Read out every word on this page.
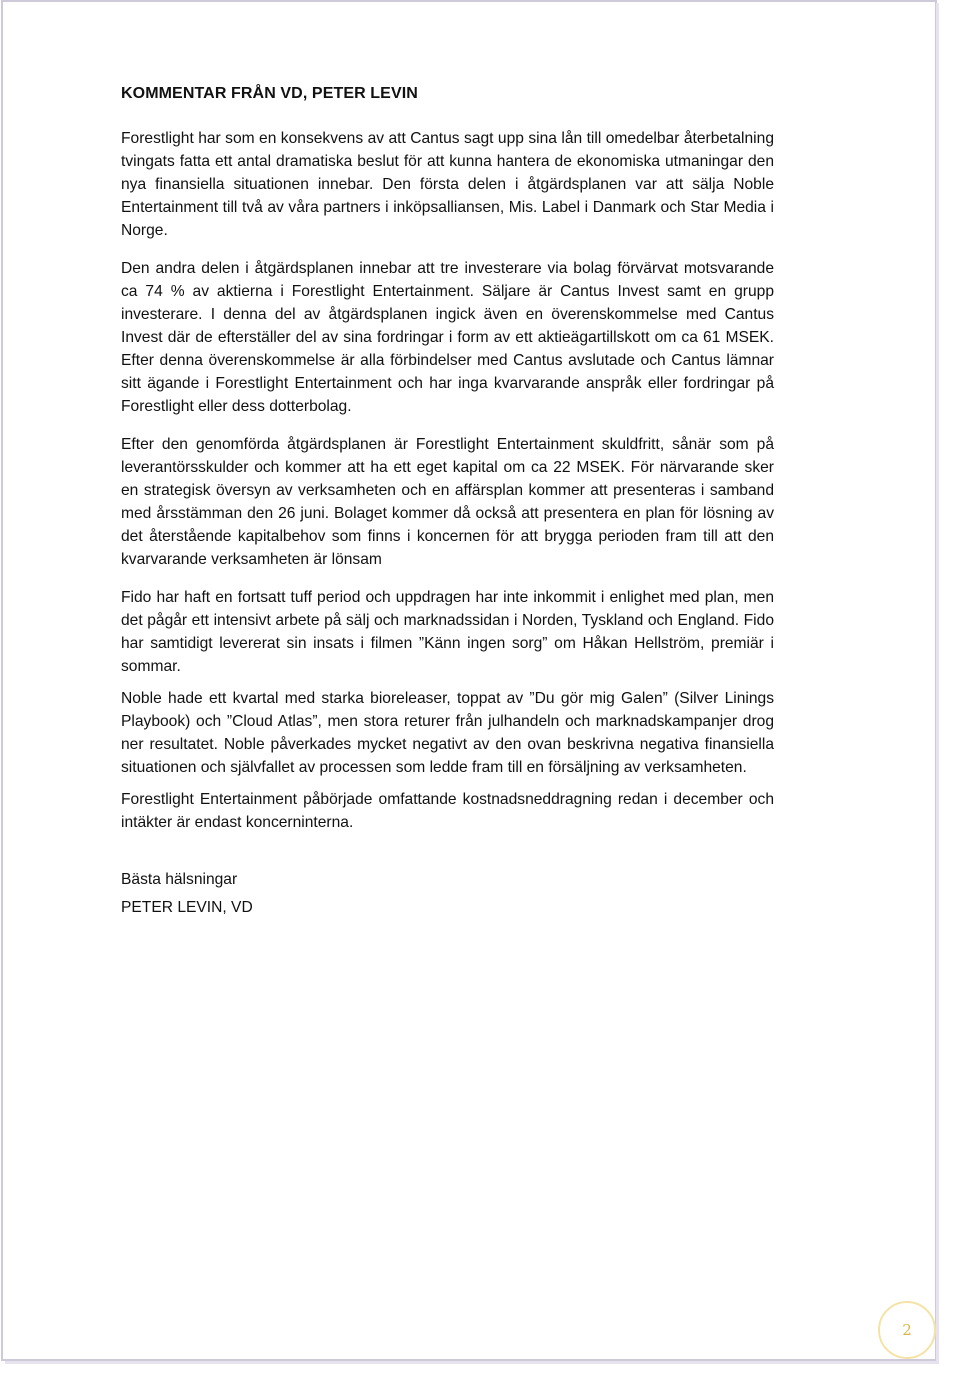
KOMMENTAR FRÅN VD, PETER LEVIN

Forestlight har som en konsekvens av att Cantus sagt upp sina lån till omedelbar återbetalning tvingats fatta ett antal dramatiska beslut för att kunna hantera de ekonomiska utmaningar den nya finansiella situationen innebar. Den första delen i åtgärdsplanen var att sälja Noble Entertainment till två av våra partners i inköpsalliansen, Mis. Label i Danmark och Star Media i Norge.

Den andra delen i åtgärdsplanen innebar att tre investerare via bolag förvärvat motsvarande ca 74 % av aktierna i Forestlight Entertainment. Säljare är Cantus Invest samt en grupp investerare. I denna del av åtgärdsplanen ingick även en överenskommelse med Cantus Invest där de efterställer del av sina fordringar i form av ett aktieägartillskott om ca 61 MSEK. Efter denna överenskommelse är alla förbindelser med Cantus avslutade och Cantus lämnar sitt ägande i Forestlight Entertainment och har inga kvarvarande anspråk eller fordringar på Forestlight eller dess dotterbolag.

Efter den genomförda åtgärdsplanen är Forestlight Entertainment skuldfritt, sånär som på leverantörsskulder och kommer att ha ett eget kapital om ca 22 MSEK. För närvarande sker en strategisk översyn av verksamheten och en affärsplan kommer att presenteras i samband med årsstämman den 26 juni. Bolaget kommer då också att presentera en plan för lösning av det återstående kapitalbehov som finns i koncernen för att brygga perioden fram till att den kvarvarande verksamheten är lönsam

Fido har haft en fortsatt tuff period och uppdragen har inte inkommit i enlighet med plan, men det pågår ett intensivt arbete på sälj och marknadssidan i Norden, Tyskland och England. Fido har samtidigt levererat sin insats i filmen ”Känn ingen sorg” om Håkan Hellström, premiär i sommar.

Noble hade ett kvartal med starka bioreleaser, toppat av ”Du gör mig Galen” (Silver Linings Playbook) och ”Cloud Atlas”, men stora returer från julhandeln och marknadskampanjer drog ner resultatet. Noble påverkades mycket negativt av den ovan beskrivna negativa finansiella situationen och självfallet av processen som ledde fram till en försäljning av verksamheten.

Forestlight Entertainment påbörjade omfattande kostnadsneddragning redan i december och intäkter är endast koncerninterna.

Bästa hälsningar
PETER LEVIN, VD
2
